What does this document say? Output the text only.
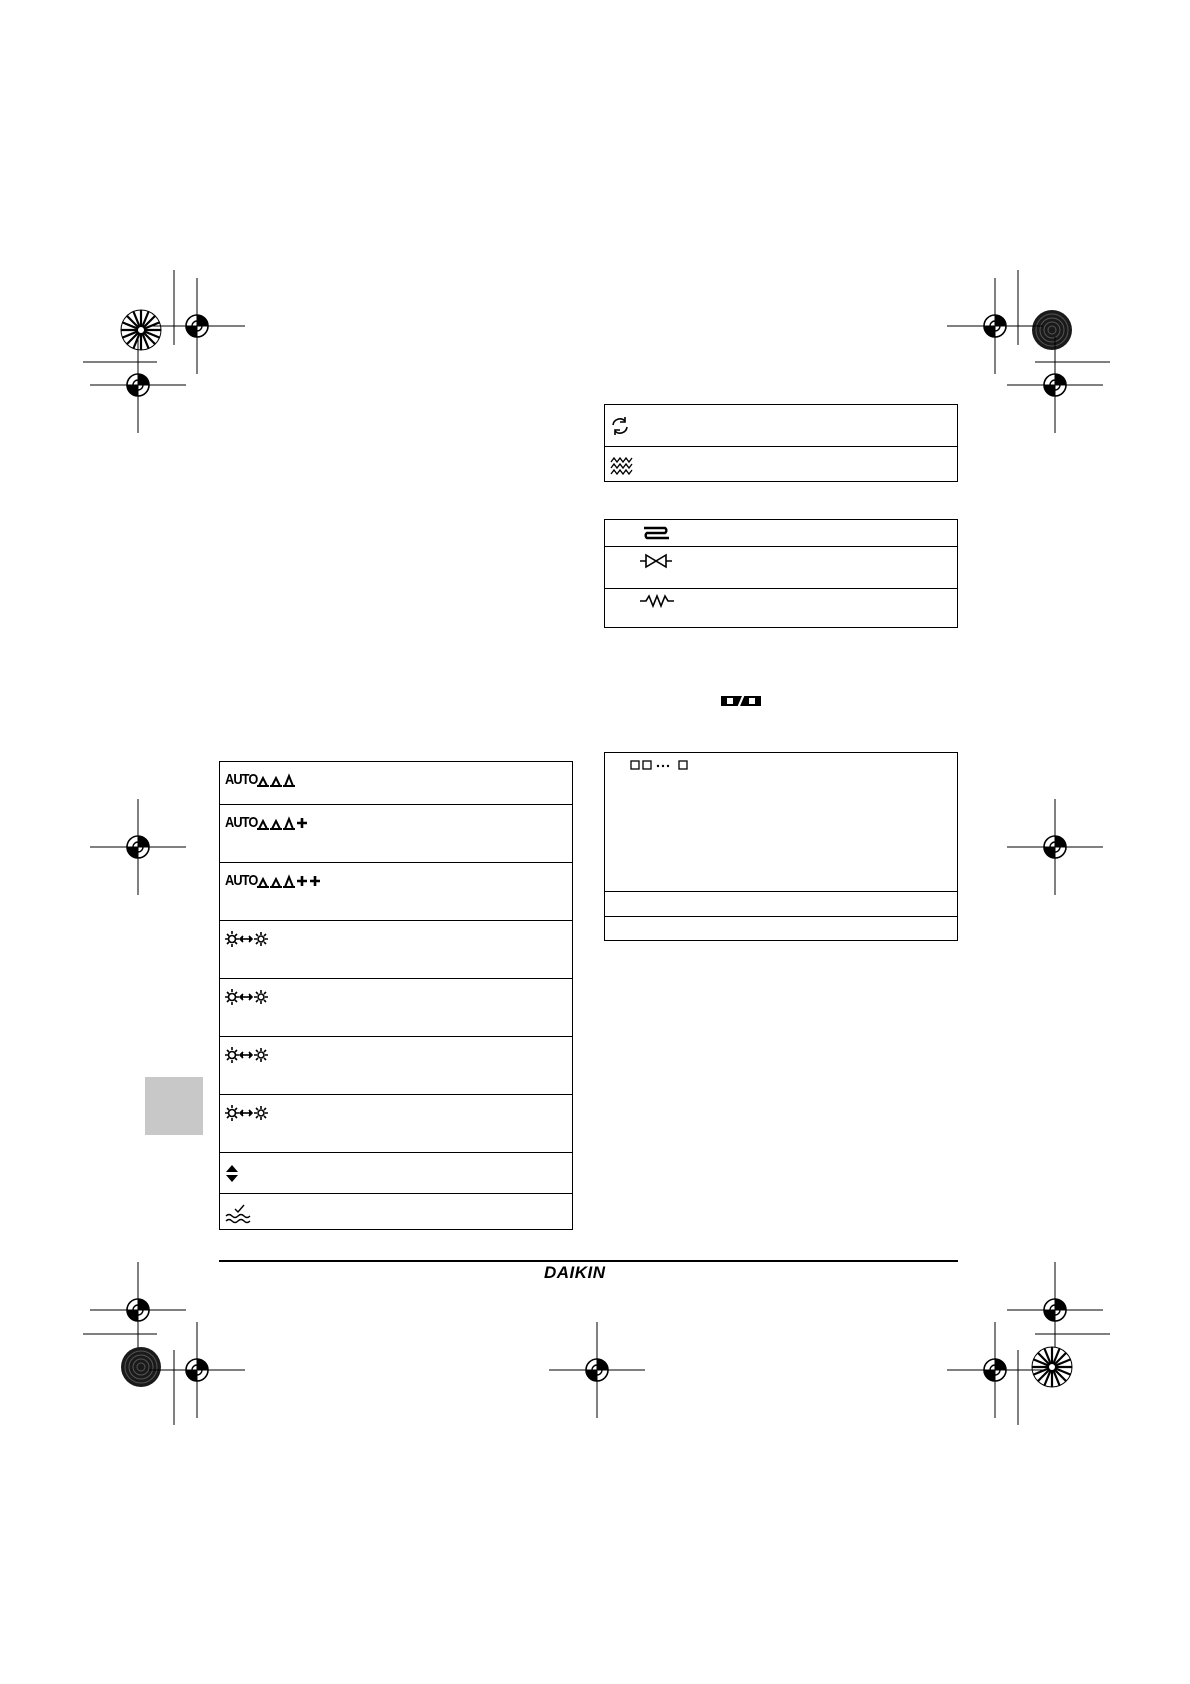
AUTO
AUTO
AUTO
DAIKIN
